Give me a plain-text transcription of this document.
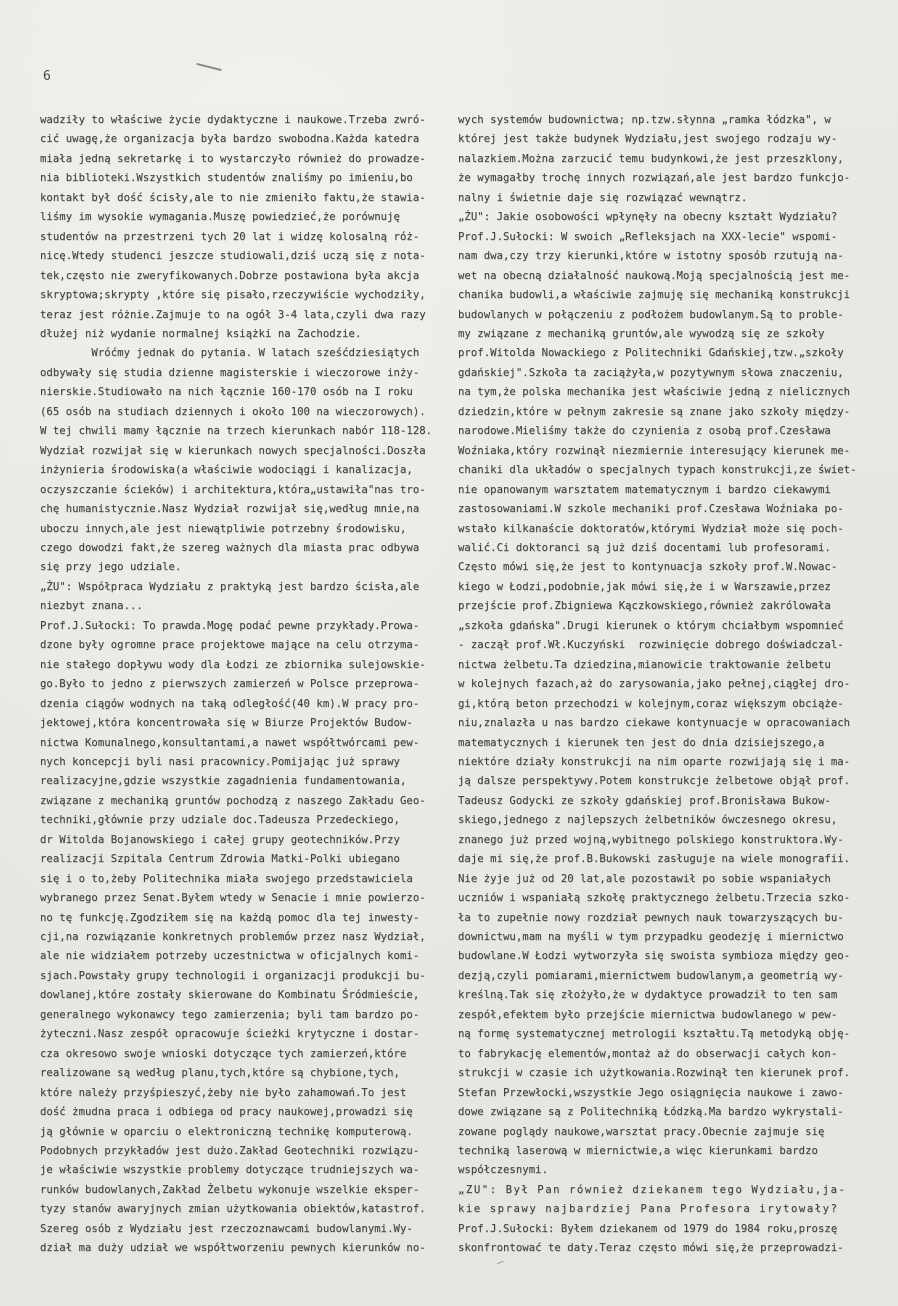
6
wadziły to właściwe życie dydaktyczne i naukowe.Trzeba zwró-
cić uwagę,że organizacja była bardzo swobodna.Każda katedra
miała jedną sekretarkę i to wystarczyło również do prowadze-
nia biblioteki.Wszystkich studentów znaliśmy po imieniu,bo
kontakt był dość ścisły,ale to nie zmieniło faktu,że stawia-
liśmy im wysokie wymagania.Muszę powiedzieć,że porównuję
studentów na przestrzeni tych 20 lat i widzę kolosalną róż-
nicę.Wtedy studenci jeszcze studiowali,dziś uczą się z nota-
tek,często nie zweryfikowanych.Dobrze postawiona była akcja
skryptowa;skrypty ,które się pisało,rzeczywiście wychodziły,
teraz jest różnie.Zajmuje to na ogół 3-4 lata,czyli dwa razy
dłużej niż wydanie normalnej książki na Zachodzie.
Wróćmy jednak do pytania. W latach sześćdziesiątych
odbywały się studia dzienne magisterskie i wieczorowe inży-
nierskie.Studiowało na nich łącznie 160-170 osób na I roku
(65 osób na studiach dziennych i około 100 na wieczorowych).
W tej chwili mamy łącznie na trzech kierunkach nabór 118-128.
Wydział rozwijał się w kierunkach nowych specjalności.Doszła
inżynieria środowiska(a właściwie wodociągi i kanalizacja,
oczyszczanie ścieków) i architektura,która„ustawiła"nas tro-
chę humanistycznie.Nasz Wydział rozwijał się,według mnie,na
uboczu innych,ale jest niewątpliwie potrzebny środowisku,
czego dowodzi fakt,że szereg ważnych dla miasta prac odbywa
się przy jego udziale.
„ŻU": Współpraca Wydziału z praktyką jest bardzo ścisła,ale
niezbyt znana...
Prof.J.Sułocki: To prawda.Mogę podać pewne przykłady.Prowa-
dzone były ogromne prace projektowe mające na celu otrzyma-
nie stałego dopływu wody dla Łodzi ze zbiornika sulejowskie-
go.Było to jedno z pierwszych zamierzeń w Polsce przeprowa-
dzenia ciągów wodnych na taką odległość(40 km).W pracy pro-
jektowej,która koncentrowała się w Biurze Projektów Budow-
nictwa Komunalnego,konsultantami,a nawet współtwórcami pew-
nych koncepcji byli nasi pracownicy.Pomijając już sprawy
realizacyjne,gdzie wszystkie zagadnienia fundamentowania,
związane z mechaniką gruntów pochodzą z naszego Zakładu Geo-
techniki,głównie przy udziale doc.Tadeusza Przedeckiego,
dr Witolda Bojanowskiego i całej grupy geotechników.Przy
realizacji Szpitala Centrum Zdrowia Matki-Polki ubiegano
się i o to,żeby Politechnika miała swojego przedstawiciela
wybranego przez Senat.Byłem wtedy w Senacie i mnie powierzo-
no tę funkcję.Zgodziłem się na każdą pomoc dla tej inwesty-
cji,na rozwiązanie konkretnych problemów przez nasz Wydział,
ale nie widziałem potrzeby uczestnictwa w oficjalnych komi-
sjach.Powstały grupy technologii i organizacji produkcji bu-
dowlanej,które zostały skierowane do Kombinatu Śródmieście,
generalnego wykonawcy tego zamierzenia; byli tam bardzo po-
żyteczni.Nasz zespół opracowuje ścieżki krytyczne i dostar-
cza okresowo swoje wnioski dotyczące tych zamierzeń,które
realizowane są według planu,tych,które są chybione,tych,
które należy przyśpieszyć,żeby nie było zahamowań.To jest
dość żmudna praca i odbiega od pracy naukowej,prowadzi się
ją głównie w oparciu o elektroniczną technikę komputerową.
Podobnych przykładów jest dużo.Zakład Geotechniki rozwiązu-
je właściwie wszystkie problemy dotyczące trudniejszych wa-
runków budowlanych,Zakład Żelbetu wykonuje wszelkie eksper-
tyzy stanów awaryjnych zmian użytkowania obiektów,katastrof.
Szereg osób z Wydziału jest rzeczoznawcami budowlanymi.Wy-
dział ma duży udział we współtworzeniu pewnych kierunków no-
wych systemów budownictwa; np.tzw.słynna „ramka łódzka", w
której jest także budynek Wydziału,jest swojego rodzaju wy-
nalazkiem.Można zarzucić temu budynkowi,że jest przeszklony,
że wymagałby trochę innych rozwiązań,ale jest bardzo funkcjo-
nalny i świetnie daje się rozwiązać wewnątrz.
„ŻU": Jakie osobowości wpłynęły na obecny kształt Wydziału?
Prof.J.Sułocki: W swoich „Refleksjach na XXX-lecie" wspomi-
nam dwa,czy trzy kierunki,które w istotny sposób rzutują na-
wet na obecną działalność naukową.Moją specjalnością jest me-
chanika budowli,a właściwie zajmuję się mechaniką konstrukcji
budowlanych w połączeniu z podłożem budowlanym.Są to proble-
my związane z mechaniką gruntów,ale wywodzą się ze szkoły
prof.Witolda Nowackiego z Politechniki Gdańskiej,tzw.„szkoły
gdańskiej".Szkoła ta zaciążyła,w pozytywnym słowa znaczeniu,
na tym,że polska mechanika jest właściwie jedną z nielicznych
dziedzin,które w pełnym zakresie są znane jako szkoły między-
narodowe.Mieliśmy także do czynienia z osobą prof.Czesława
Woźniaka,który rozwinął niezmiernie interesujący kierunek me-
chaniki dla układów o specjalnych typach konstrukcji,ze świet-
nie opanowanym warsztatem matematycznym i bardzo ciekawymi
zastosowaniami.W szkole mechaniki prof.Czesława Woźniaka po-
wstało kilkanaście doktoratów,którymi Wydział może się poch-
walić.Ci doktoranci są już dziś docentami lub profesorami.
Często mówi się,że jest to kontynuacja szkoły prof.W.Nowac-
kiego w Łodzi,podobnie,jak mówi się,że i w Warszawie,przez
przejście prof.Zbigniewa Kączkowskiego,również zakrólowała
„szkoła gdańska".Drugi kierunek o którym chciałbym wspomnieć
- zaczął prof.Wł.Kuczyński  rozwinięcie dobrego doświadczal-
nictwa żelbetu.Ta dziedzina,mianowicie traktowanie żelbetu
w kolejnych fazach,aż do zarysowania,jako pełnej,ciągłej dro-
gi,którą beton przechodzi w kolejnym,coraz większym obciąże-
niu,znalazła u nas bardzo ciekawe kontynuacje w opracowaniach
matematycznych i kierunek ten jest do dnia dzisiejszego,a
niektóre działy konstrukcji na nim oparte rozwijają się i ma-
ją dalsze perspektywy.Potem konstrukcje żelbetowe objął prof.
Tadeusz Godycki ze szkoły gdańskiej prof.Bronisława Bukow-
skiego,jednego z najlepszych żelbetników ówczesnego okresu,
znanego już przed wojną,wybitnego polskiego konstruktora.Wy-
daje mi się,że prof.B.Bukowski zasługuje na wiele monografii.
Nie żyje już od 20 lat,ale pozostawił po sobie wspaniałych
uczniów i wspaniałą szkołę praktycznego żelbetu.Trzecia szko-
ła to zupełnie nowy rozdział pewnych nauk towarzyszących bu-
downictwu,mam na myśli w tym przypadku geodezję i miernictwo
budowlane.W Łodzi wytworzyła się swoista symbioza między geo-
dezją,czyli pomiarami,miernictwem budowlanym,a geometrią wy-
kreślną.Tak się złożyło,że w dydaktyce prowadził to ten sam
zespół,efektem było przejście miernictwa budowlanego w pew-
ną formę systematycznej metrologii kształtu.Tą metodyką obję-
to fabrykację elementów,montaż aż do obserwacji całych kon-
strukcji w czasie ich użytkowania.Rozwinął ten kierunek prof.
Stefan Przewłocki,wszystkie Jego osiągnięcia naukowe i zawo-
dowe związane są z Politechniką Łódzką.Ma bardzo wykrystali-
zowane poglądy naukowe,warsztat pracy.Obecnie zajmuje się
techniką laserową w miernictwie,a więc kierunkami bardzo
współczesnymi.
„ZU": Był Pan również dziekanem tego Wydziału,ja-
kie sprawy najbardziej Pana Profesora irytowały?
Prof.J.Sułocki: Byłem dziekanem od 1979 do 1984 roku,proszę
skonfrontować te daty.Teraz często mówi się,że przeprowadzi-
